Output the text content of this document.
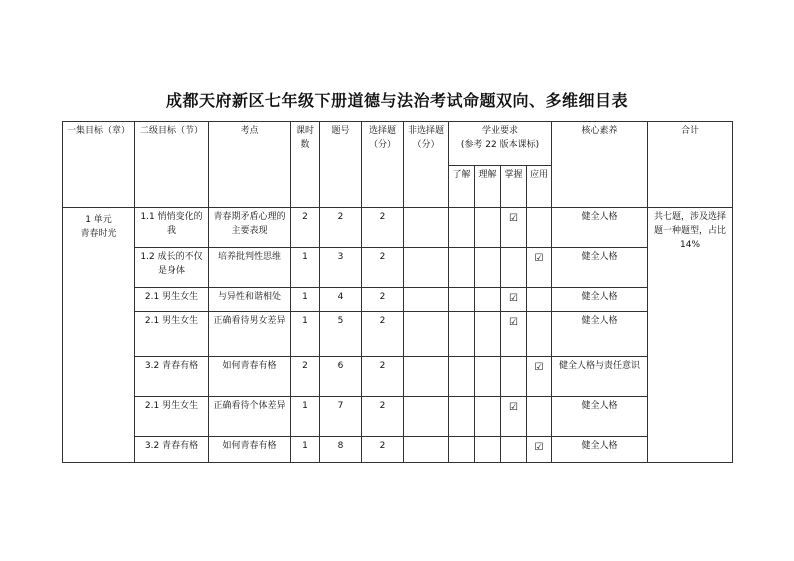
成都天府新区七年级下册道德与法治考试命题双向、多维细目表
一集目标（章）	二级目标（节）	考点	课时数	题号	选择题（分）	非选择题（分）	学业要求
(参考 22 版本课标)				核心素养	合计
							了解	理解	掌握	应用		

1 单元
青春时光	1.1 悄悄变化的我	青春期矛盾心理的主要表现	2	2	2				☑		健全人格	共七题，涉及选择题一种题型，占比 14%
	1.2 成长的不仅是身体	培养批判性思维	1	3	2					☑	健全人格	
	2.1 男生女生	与异性和谐相处	1	4	2				☑		健全人格	
	2.1 男生女生	正确看待男女差异	1	5	2				☑		健全人格	
	3.2 青春有格	如何青春有格	2	6	2					☑	健全人格与责任意识	
	2.1 男生女生	正确看待个体差异	1	7	2				☑		健全人格	
	3.2 青春有格	如何青春有格	1	8	2					☑	健全人格	
